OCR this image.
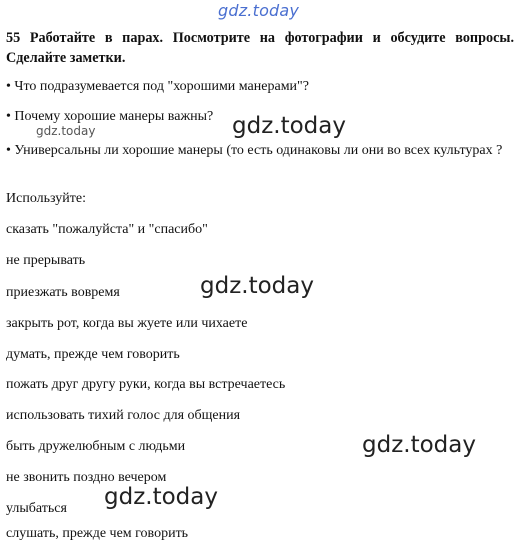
gdz.today

55 Работайте в парах. Посмотрите на фотографии и обсудите вопросы. Сделайте заметки.

• Что подразумевается под "хорошими манерами"?

• Почему хорошие манеры важны?

gdz.today	gdz.today

• Универсальны ли хорошие манеры (то есть одинаковы ли они во всех культурах ?

Используйте:

сказать "пожалуйста" и "спасибо"

не прерывать

приезжать вовремя	gdz.today

закрыть рот, когда вы жуете или чихаете

думать, прежде чем говорить

пожать друг другу руки, когда вы встречаетесь

использовать тихий голос для общения

быть дружелюбным с людьми	gdz.today

не звонить поздно вечером

gdz.today

улыбаться

слушать, прежде чем говорить
